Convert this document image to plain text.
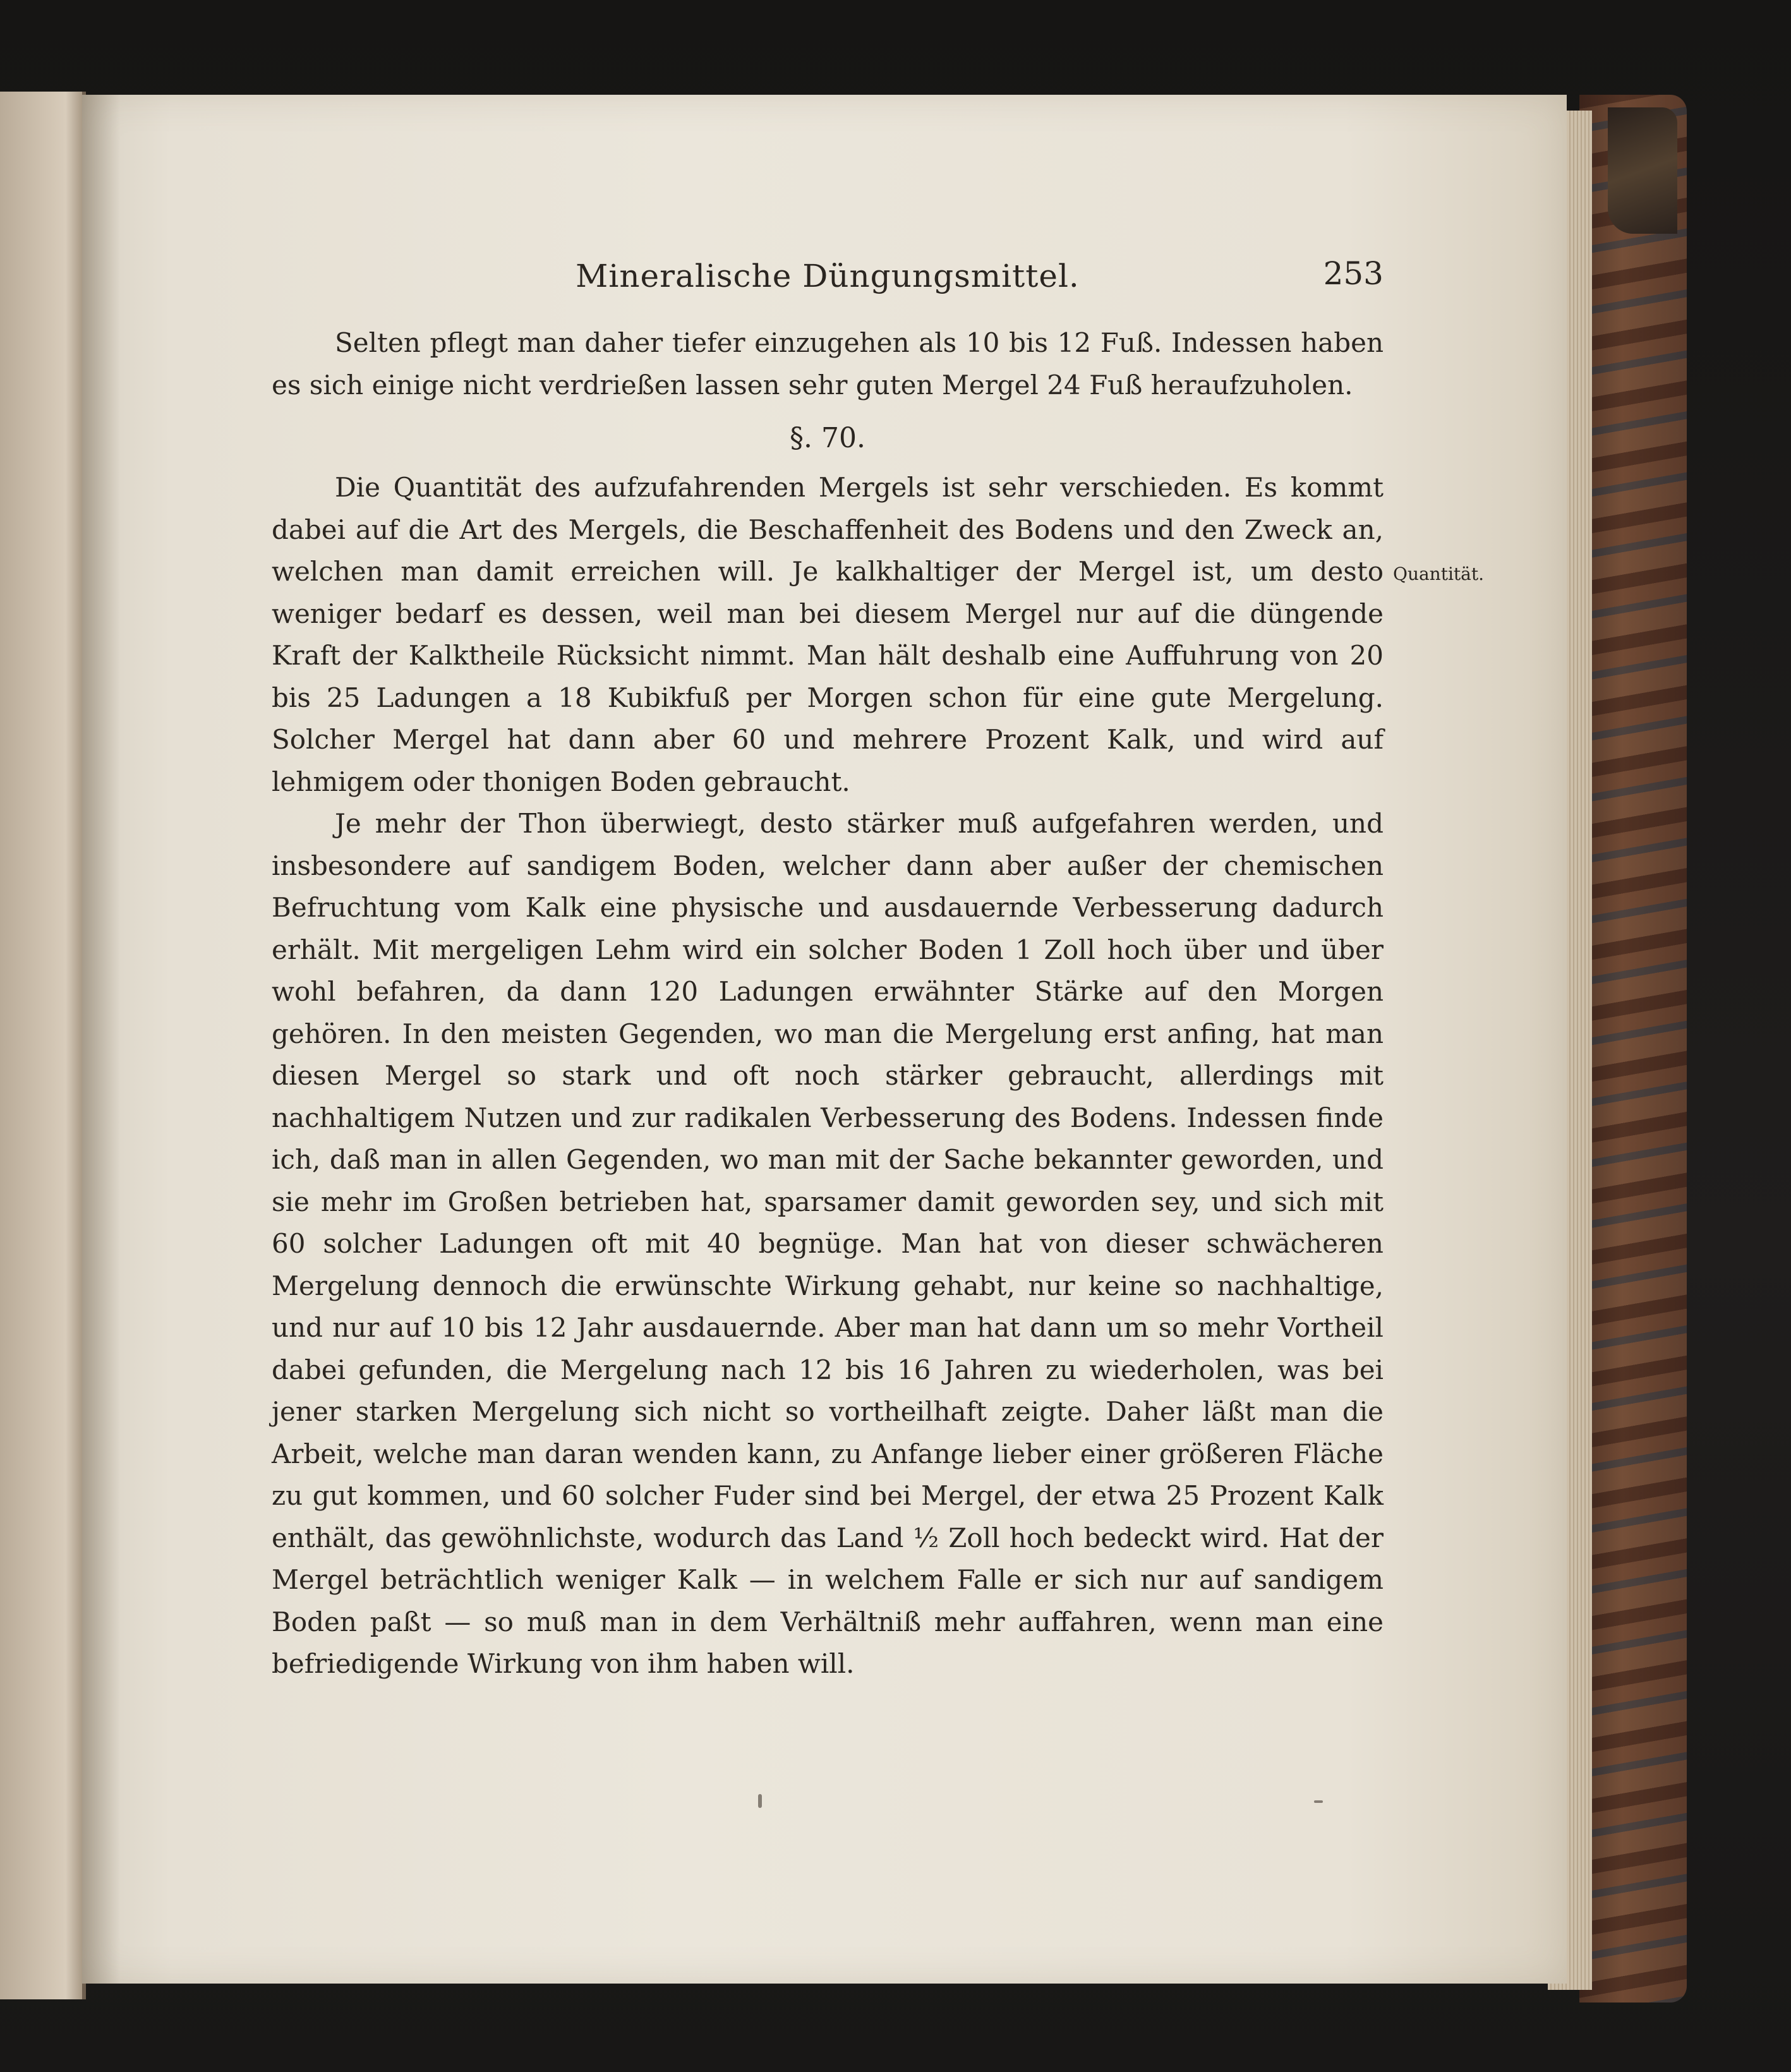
Mineralische Düngungsmittel.	253

Selten pflegt man daher tiefer einzugehen als 10 bis 12 Fuß. Indessen haben es sich einige nicht verdrießen lassen sehr guten Mergel 24 Fuß heraufzuholen.

§. 70.

Die Quantität des aufzufahrenden Mergels ist sehr verschieden. Es kommt dabei auf die Art des Mergels, die Beschaffenheit des Bodens und den Zweck an, welchen man damit erreichen will. Je kalkhaltiger der Mergel ist, um desto weniger bedarf es dessen, weil man bei diesem Mergel nur auf die düngende Kraft der Kalktheile Rücksicht nimmt. Man hält deshalb eine Auffuhrung von 20 bis 25 Ladungen a 18 Kubikfuß per Morgen schon für eine gute Mergelung. Solcher Mergel hat dann aber 60 und mehrere Prozent Kalk, und wird auf lehmigem oder thonigen Boden gebraucht.

Je mehr der Thon überwiegt, desto stärker muß aufgefahren werden, und insbesondere auf sandigem Boden, welcher dann aber außer der chemischen Befruchtung vom Kalk eine physische und ausdauernde Verbesserung dadurch erhält. Mit mergeligen Lehm wird ein solcher Boden 1 Zoll hoch über und über wohl befahren, da dann 120 Ladungen erwähnter Stärke auf den Morgen gehören. In den meisten Gegenden, wo man die Mergelung erst anfing, hat man diesen Mergel so stark und oft noch stärker gebraucht, allerdings mit nachhaltigem Nutzen und zur radikalen Verbesserung des Bodens. Indessen finde ich, daß man in allen Gegenden, wo man mit der Sache bekannter geworden, und sie mehr im Großen betrieben hat, sparsamer damit geworden sey, und sich mit 60 solcher Ladungen oft mit 40 begnüge. Man hat von dieser schwächeren Mergelung dennoch die erwünschte Wirkung gehabt, nur keine so nachhaltige, und nur auf 10 bis 12 Jahr ausdauernde. Aber man hat dann um so mehr Vortheil dabei gefunden, die Mergelung nach 12 bis 16 Jahren zu wiederholen, was bei jener starken Mergelung sich nicht so vortheilhaft zeigte. Daher läßt man die Arbeit, welche man daran wenden kann, zu Anfange lieber einer größeren Fläche zu gut kommen, und 60 solcher Fuder sind bei Mergel, der etwa 25 Prozent Kalk enthält, das gewöhnlichste, wodurch das Land ½ Zoll hoch bedeckt wird. Hat der Mergel beträchtlich weniger Kalk — in welchem Falle er sich nur auf sandigem Boden paßt — so muß man in dem Verhältniß mehr auffahren, wenn man eine befriedigende Wirkung von ihm haben will.

Quantität.
